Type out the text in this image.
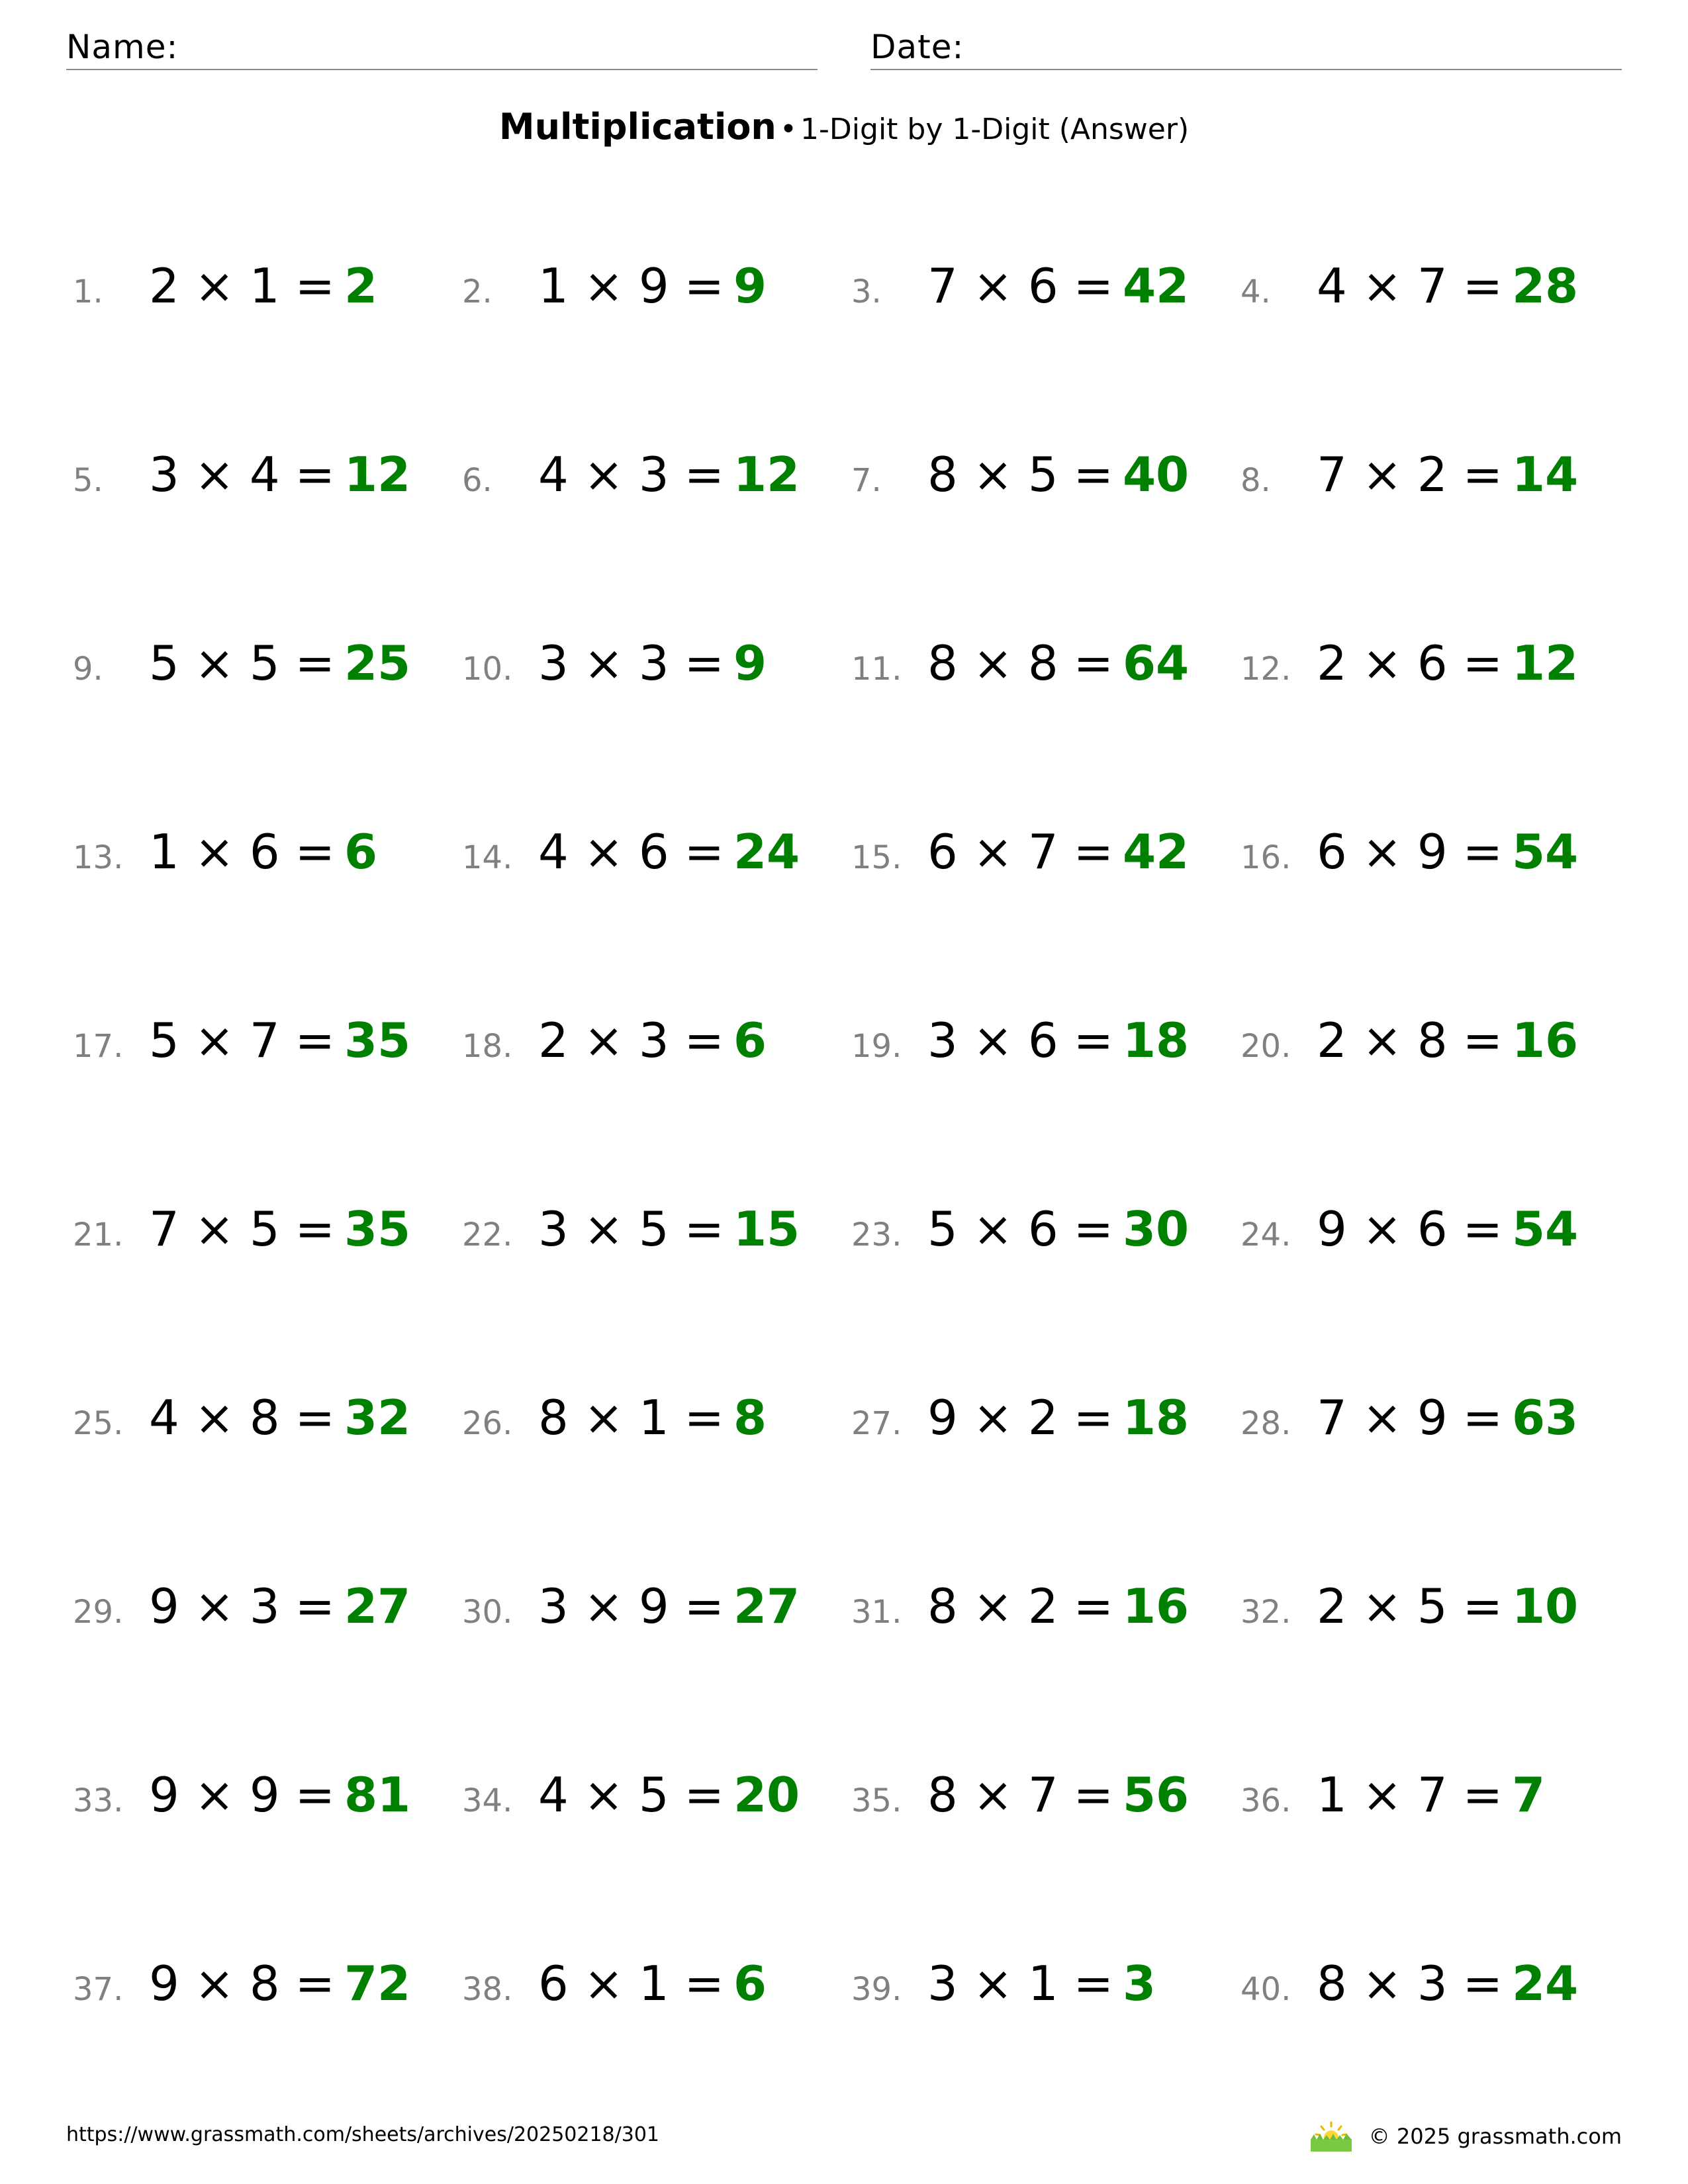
Name:	Date:
Multiplication • 1-Digit by 1-Digit (Answer)
1. 2 × 1 = 2	2. 1 × 9 = 9	3. 7 × 6 = 42 4. 4 × 7 = 28
5. 3 × 4 = 12 6. 4 × 3 = 12 7. 8 × 5 = 40 8. 7 × 2 = 14
9. 5 × 5 = 25 10. 3 × 3 = 9	11. 8 × 8 = 64 12. 2 × 6 = 12
13. 1 × 6 = 6	14. 4 × 6 = 24 15. 6 × 7 = 42 16. 6 × 9 = 54
17. 5 × 7 = 35 18. 2 × 3 = 6	19. 3 × 6 = 18 20. 2 × 8 = 16
21. 7 × 5 = 35 22. 3 × 5 = 15 23. 5 × 6 = 30 24. 9 × 6 = 54
25. 4 × 8 = 32 26. 8 × 1 = 8	27. 9 × 2 = 18 28. 7 × 9 = 63
29. 9 × 3 = 27 30. 3 × 9 = 27 31. 8 × 2 = 16 32. 2 × 5 = 10
33. 9 × 9 = 81 34. 4 × 5 = 20 35. 8 × 7 = 56 36. 1 × 7 = 7
37. 9 × 8 = 72 38. 6 × 1 = 6	39. 3 × 1 = 3	40. 8 × 3 = 24
https://www.grassmath.com/sheets/archives/20250218/301	© 2025 grassmath.com
